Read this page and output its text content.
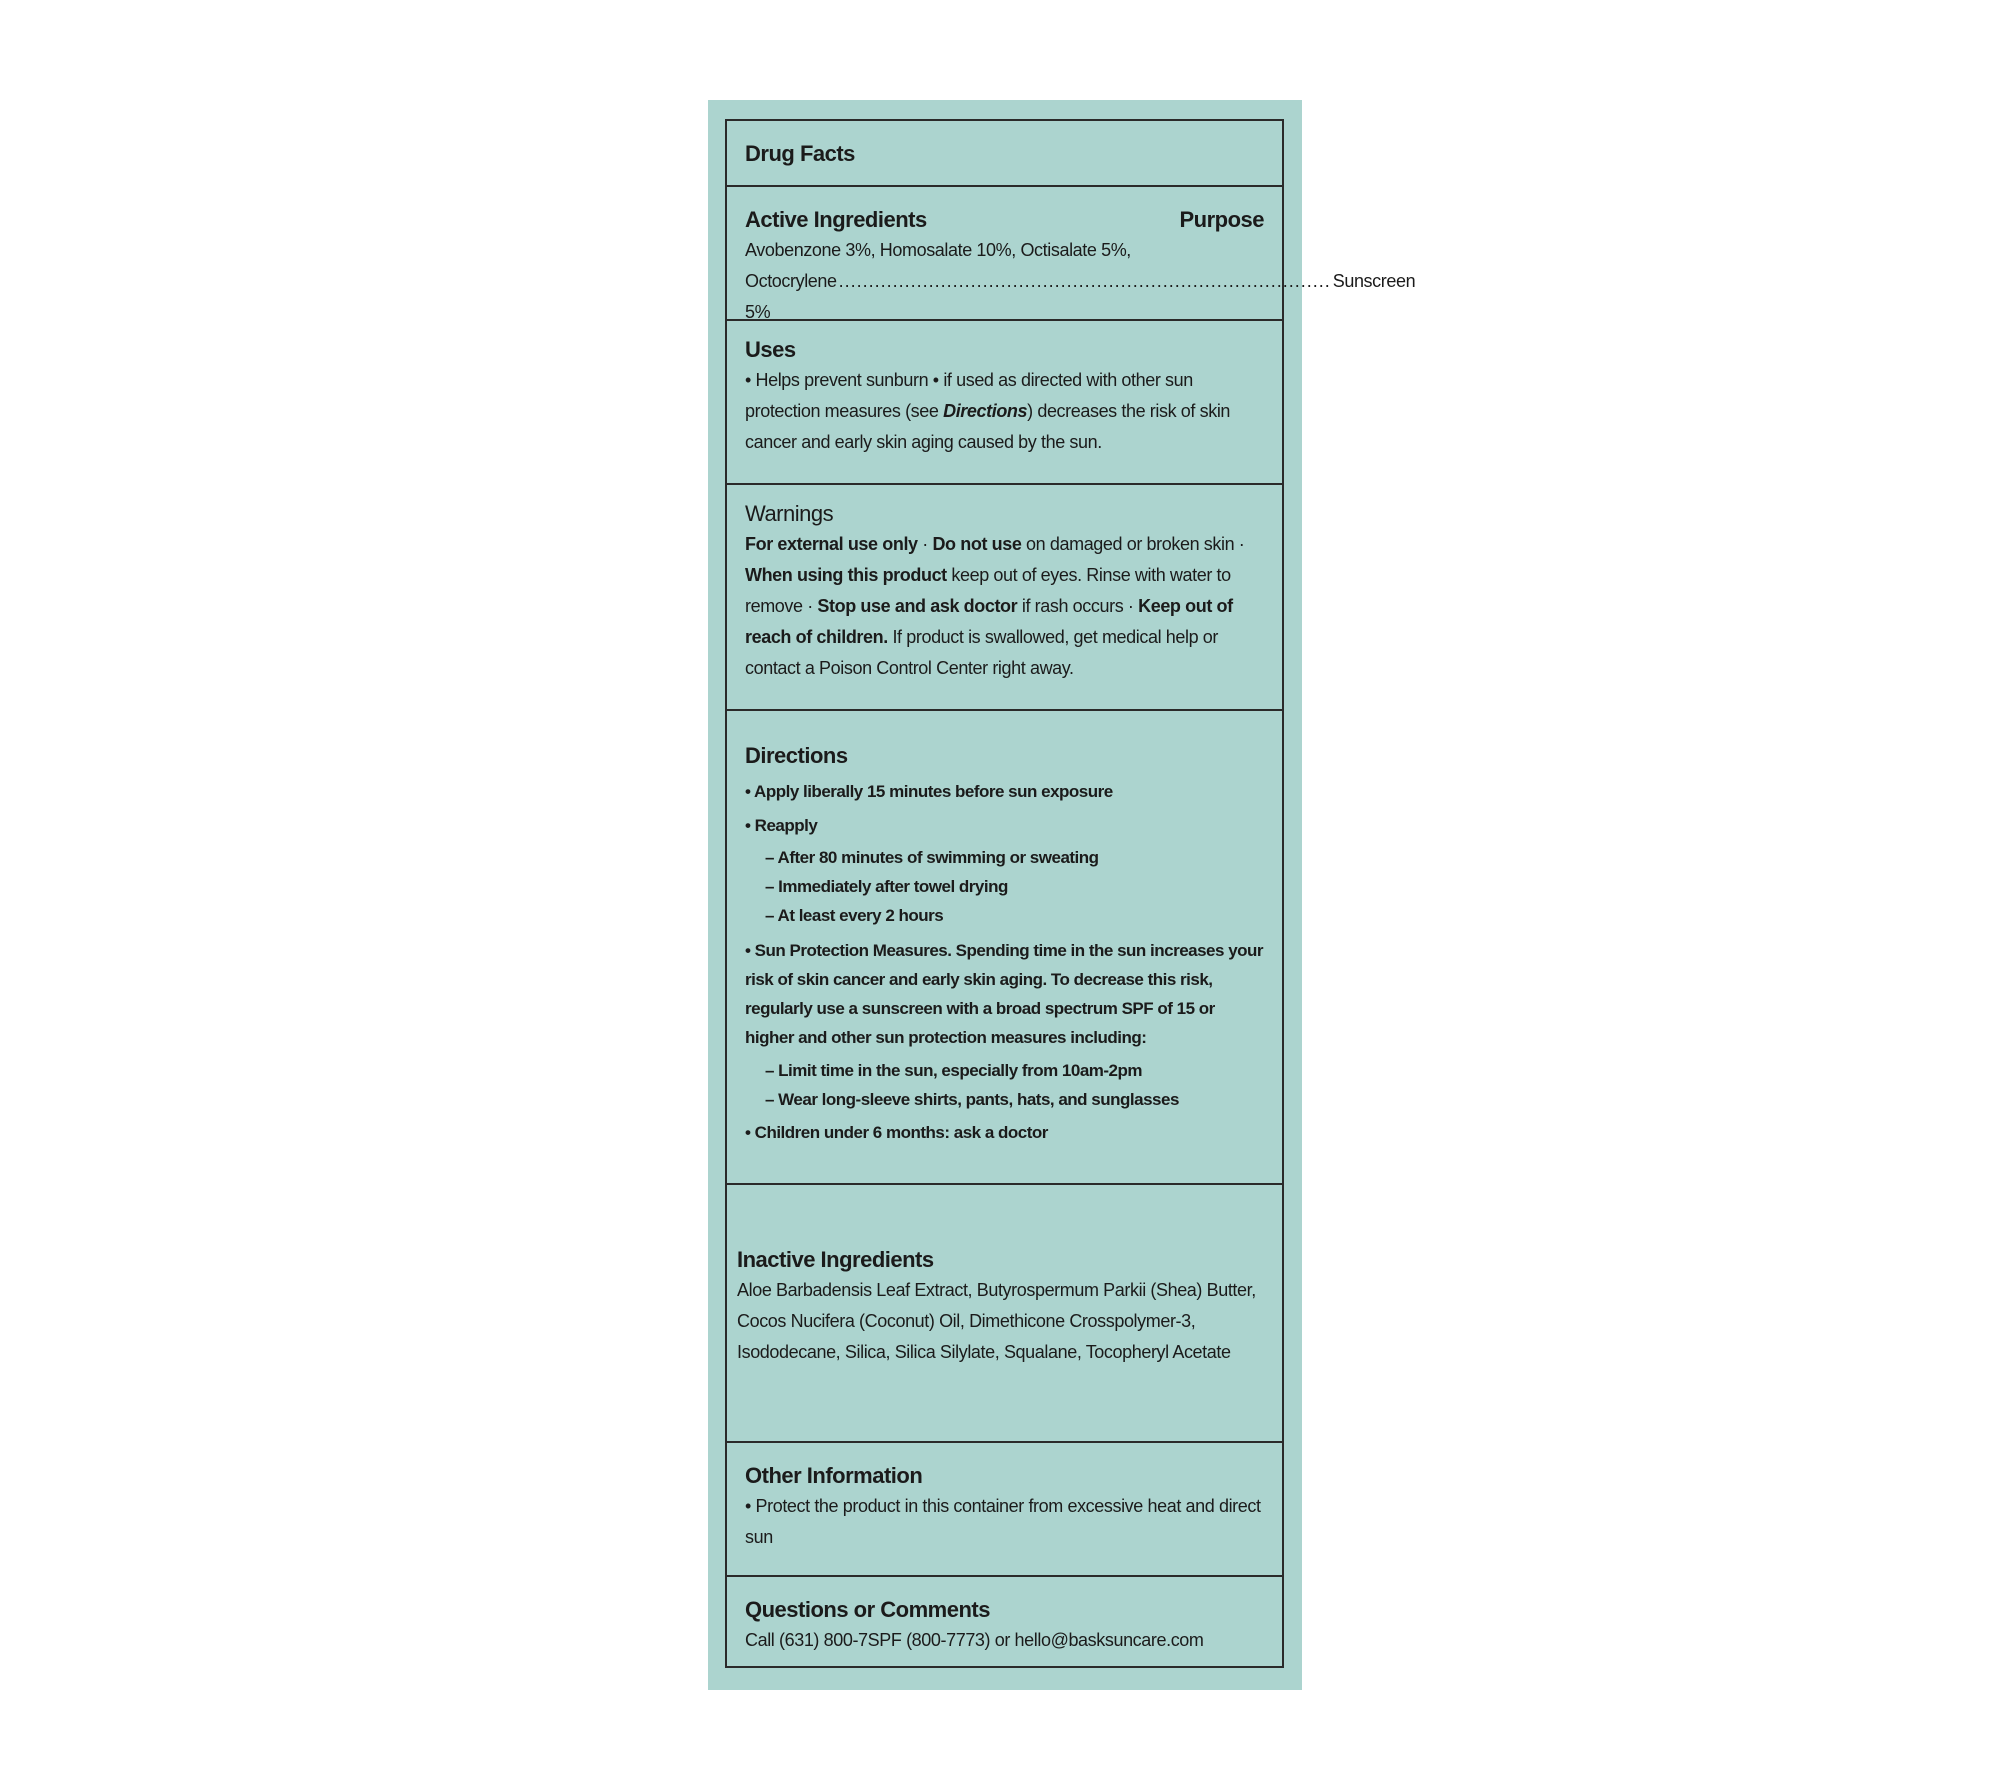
Drug Facts
Active Ingredients	Purpose
Avobenzone 3%, Homosalate 10%, Octisalate 5%,
Octocrylene 5%
.................................................................................. Sunscreen
Uses
• Helps prevent sunburn • if used as directed with other sun protection measures (see Directions) decreases the risk of skin cancer and early skin aging caused by the sun.
Warnings
For external use only · Do not use on damaged or broken skin · When using this product keep out of eyes. Rinse with water to remove · Stop use and ask doctor if rash occurs · Keep out of reach of children. If product is swallowed, get medical help or contact a Poison Control Center right away.
Directions
• Apply liberally 15 minutes before sun exposure
• Reapply
– After 80 minutes of swimming or sweating
– Immediately after towel drying
– At least every 2 hours
• Sun Protection Measures. Spending time in the sun increases your risk of skin cancer and early skin aging. To decrease this risk, regularly use a sunscreen with a broad spectrum SPF of 15 or higher and other sun protection measures including:
– Limit time in the sun, especially from 10am-2pm
– Wear long-sleeve shirts, pants, hats, and sunglasses
• Children under 6 months: ask a doctor
Inactive Ingredients
Aloe Barbadensis Leaf Extract, Butyrospermum Parkii (Shea) Butter, Cocos Nucifera (Coconut) Oil, Dimethicone Crosspolymer-3, Isododecane, Silica, Silica Silylate, Squalane, Tocopheryl Acetate
Other Information
• Protect the product in this container from excessive heat and direct sun
Questions or Comments
Call (631) 800-7SPF (800-7773) or hello@basksuncare.com
